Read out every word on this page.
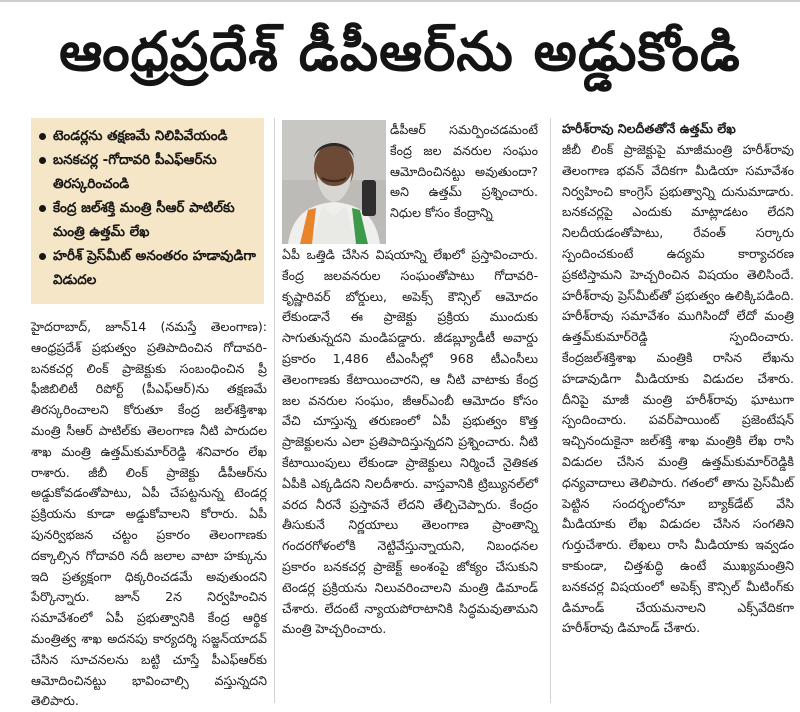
ఆంధ్రప్రదేశ్ డీపీఆర్‌ను అడ్డుకోండి
టెండర్లను తక్షణమే నిలిపివేయండి
బనకచర్ల -గోదావరి పీఎఫ్‌ఆర్‌ను తిరస్కరించండి
కేంద్ర జల్‌శక్తి మంత్రి సీఆర్ పాటిల్‌కు మంత్రి ఉత్తమ్ లేఖ
హరీశ్ ప్రెస్‌మీట్ అనంతరం హడావుడిగా విడుదల

హైదరాబాద్, జూన్14 (నమస్తే తెలంగాణ): ఆంధ్రప్రదేశ్ ప్రభుత్వం ప్రతిపాదించిన గోదావరి-బనకచర్ల లింక్ ప్రాజెక్టుకు సంబంధించిన ప్రీ ఫీజిబిలిటీ రిపోర్ట్ (పీఎఫ్‌ఆర్)ను తక్షణమే తిరస్కరించాలని కోరుతూ కేంద్ర జల్‌శక్తిశాఖ మంత్రి సీఆర్ పాటిల్‌కు తెలంగాణ నీటి పారుదల శాఖ మంత్రి ఉత్తమ్‌కుమార్‌రెడ్డి శనివారం లేఖ రాశారు. జీబీ లింక్ ప్రాజెక్టు డీపీఆర్‌ను అడ్డుకోవడంతోపాటు, ఏపీ చేపట్టనున్న టెండర్ల ప్రక్రియను కూడా అడ్డుకోవాలని కోరారు. ఏపీ పునర్విభజన చట్టం ప్రకారం తెలంగాణకు దక్కాల్సిన గోదావరి నదీ జలాల వాటా హక్కును ఇది ప్రత్యక్షంగా ధిక్కరించడమే అవుతుందని పేర్కొన్నారు. జూన్ 2న నిర్వహించిన సమావేశంలో ఏపీ ప్రభుత్వానికి కేంద్ర ఆర్థిక మంత్రిత్వ శాఖ అదనపు కార్యదర్శి సజ్జన్‌యాదవ్ చేసిన సూచనలను బట్టి చూస్తే పీఎఫ్‌ఆర్‌కు ఆమోదించినట్టు భావించాల్సి వస్తున్నదని తెలిపారు.

డీపీఆర్ సమర్పించడమంటే కేంద్ర జల వనరుల సంఘం ఆమోదించినట్టు అవుతుందా? అని ఉత్తమ్ ప్రశ్నించారు. నిధుల కోసం కేంద్రాన్ని

ఏపీ ఒత్తిడి చేసిన విషయాన్ని లేఖలో ప్రస్తావించారు. కేంద్ర జలవనరుల సంఘంతోపాటు గోదావరి-కృష్ణారివర్ బోర్డులు, అపెక్స్ కౌన్సిల్ ఆమోదం లేకుండానే ఈ ప్రాజెక్టు ప్రక్రియ ముందుకు సాగుతున్నదని మండిపడ్డారు. జీడబ్ల్యూడీటీ అవార్డు ప్రకారం 1,486 టీఎంసీల్లో 968 టీఎంసీలు తెలంగాణకు కేటాయించారని, ఆ నీటి వాటాకు కేంద్ర జల వనరుల సంఘం, జీఆర్‌ఎంబీ ఆమోదం కోసం వేచి చూస్తున్న తరుణంలో ఏపీ ప్రభుత్వం కొత్త ప్రాజెక్టులను ఎలా ప్రతిపాదిస్తున్నదని ప్రశ్నించారు. నీటి కేటాయింపులు లేకుండా ప్రాజెక్టులు నిర్మించే నైతికత ఏపీకి ఎక్కడిదని నిలదీశారు. వాస్తవానికి ట్రిబ్యునల్‌లో వరద నీరనే ప్రస్తావనే లేదని తేల్చిచెప్పారు. కేంద్రం తీసుకునే నిర్ణయాలు తెలంగాణ ప్రాంతాన్ని గందరగోళంలోకి నెట్టివేస్తున్నాయని, నిబంధనల ప్రకారం బనకచర్ల ప్రాజెక్ట్ అంశంపై జోక్యం చేసుకుని టెండర్ల ప్రక్రియను నిలువరించాలని మంత్రి డిమాండ్ చేశారు. లేదంటే న్యాయపోరాటానికి సిద్ధమవుతామని మంత్రి హెచ్చరించారు.

హరీశ్‌రావు నిలదీతతోనే ఉత్తమ్ లేఖ

జీబీ లింక్ ప్రాజెక్టుపై మాజీమంత్రి హరీశ్‌రావు తెలంగాణ భవన్ వేదికగా మీడియా సమావేశం నిర్వహించి కాంగ్రెస్ ప్రభుత్వాన్ని దునుమాడారు. బనకచర్లపై ఎందుకు మాట్లాడటం లేదని నిలదీయడంతోపాటు, రేవంత్ సర్కారు స్పందించకుంటే ఉద్యమ కార్యాచరణ ప్రకటిస్తామని హెచ్చరించిన విషయం తెలిసిందే. హరీశ్‌రావు ప్రెస్‌మీట్‌తో ప్రభుత్వం ఉలిక్కిపడింది. హరీశ్‌రావు సమావేశం ముగిసిందో లేదో మంత్రి ఉత్తమ్‌కుమార్‌రెడ్డి స్పందించారు. కేంద్రజల్‌శక్తిశాఖ మంత్రికి రాసిన లేఖను హడావుడిగా మీడియాకు విడుదల చేశారు. దీనిపై మాజీ మంత్రి హరీశ్‌రావు ఘాటుగా స్పందించారు. పవర్‌పాయింట్ ప్రజెంటేషన్ ఇచ్చినందుకైనా జల్‌శక్తి శాఖ మంత్రికి లేఖ రాసి విడుదల చేసిన మంత్రి ఉత్తమ్‌కుమార్‌రెడ్డికి ధన్యవాదాలు తెలిపారు. గతంలో తాను ప్రెస్‌మీట్ పెట్టిన సందర్భంలోనూ బ్యాక్‌డేట్ వేసి మీడియాకు లేఖ విడుదల చేసిన సంగతిని గుర్తుచేశారు. లేఖలు రాసి మీడియాకు ఇవ్వడం కాకుండా, చిత్తశుద్ధి ఉంటే ముఖ్యమంత్రిని బనకచర్ల విషయంలో అపెక్స్ కౌన్సిల్ మీటింగ్‌కు డిమాండ్ చేయమనాలని ఎక్స్‌వేదికగా హరీశ్‌రావు డిమాండ్ చేశారు.
